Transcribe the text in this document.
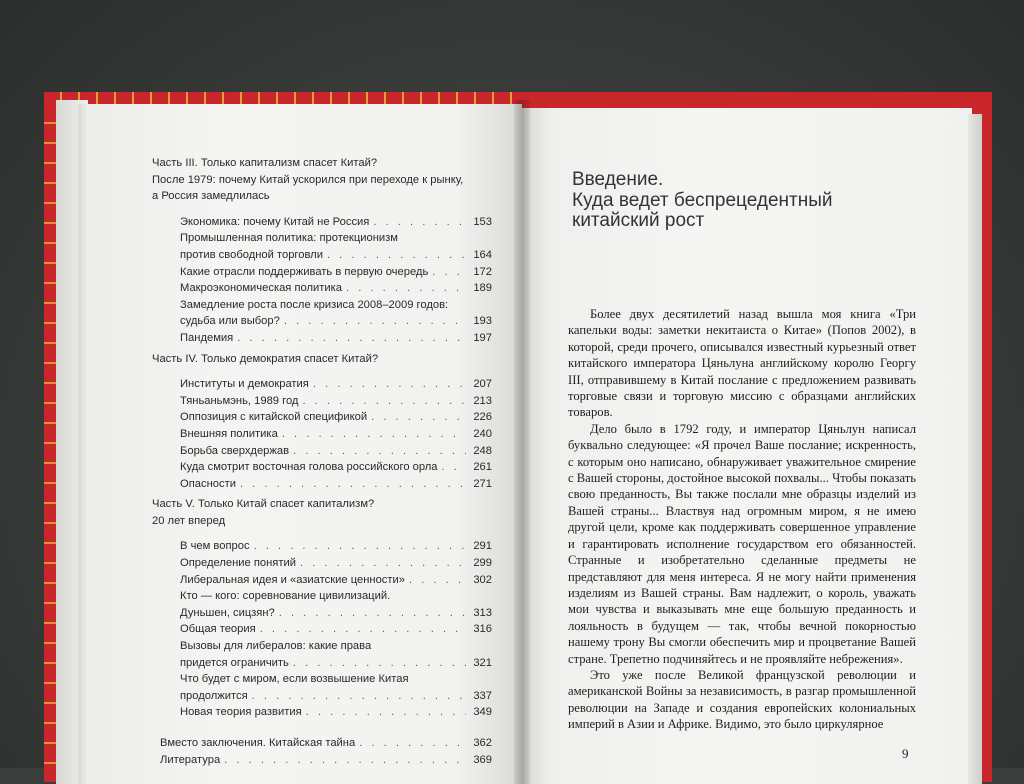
Часть III. Только капитализм спасет Китай?
После 1979: почему Китай ускорился при переходе к рынку,
а Россия замедлилась
Экономика: почему Китай не Россия . . .	153
Промышленная политика: протекционизм
против свободной торговли . . .	164
Какие отрасли поддерживать в первую очередь . . .	172
Макроэкономическая политика . . .	189
Замедление роста после кризиса 2008–2009 годов:
судьба или выбор? . . .	193
Пандемия . . .	197
Часть IV. Только демократия спасет Китай?
Институты и демократия . . .	207
Тяньаньмэнь, 1989 год . . .	213
Оппозиция с китайской спецификой . . .	226
Внешняя политика . . .	240
Борьба сверхдержав . . .	248
Куда смотрит восточная голова российского орла . . .	261
Опасности . . .	271
Часть V. Только Китай спасет капитализм?
20 лет вперед
В чем вопрос . . .	291
Определение понятий . . .	299
Либеральная идея и «азиатские ценности» . . .	302
Кто — кого: соревнование цивилизаций.
Дуньшен, сицзян? . . .	313
Общая теория . . .	316
Вызовы для либералов: какие права
придется ограничить . . .	321
Что будет с миром, если возвышение Китая
продолжится . . .	337
Новая теория развития . . .	349
Вместо заключения. Китайская тайна . . .	362
Литература . . .	369
Введение.
Куда ведет беспрецедентный
китайский рост

Более двух десятилетий назад вышла моя книга «Три капельки воды: заметки некитаиста о Китае» (Попов 2002), в которой, среди прочего, описывался известный курьезный ответ китайского императора Цяньлуна английскому королю Георгу III, отправившему в Китай послание с предложением развивать торговые связи и торговую миссию с образцами английских товаров.

Дело было в 1792 году, и император Цяньлун написал буквально следующее: «Я прочел Ваше послание; искренность, с которым оно написано, обнаруживает уважительное смирение с Вашей стороны, достойное высокой похвалы... Чтобы показать свою преданность, Вы также послали мне образцы изделий из Вашей страны... Властвуя над огромным миром, я не имею другой цели, кроме как поддерживать совершенное управление и гарантировать исполнение государством его обязанностей. Странные и изобретательно сделанные предметы не представляют для меня интереса. Я не могу найти применения изделиям из Вашей страны. Вам надлежит, о король, уважать мои чувства и выказывать мне еще большую преданность и лояльность в будущем — так, чтобы вечной покорностью нашему трону Вы смогли обеспечить мир и процветание Вашей стране. Трепетно подчиняйтесь и не проявляйте небрежения».

Это уже после Великой французской революции и американской Войны за независимость, в разгар промышленной революции на Западе и создания европейских колониальных империй в Азии и Африке. Видимо, это было циркулярное

9
